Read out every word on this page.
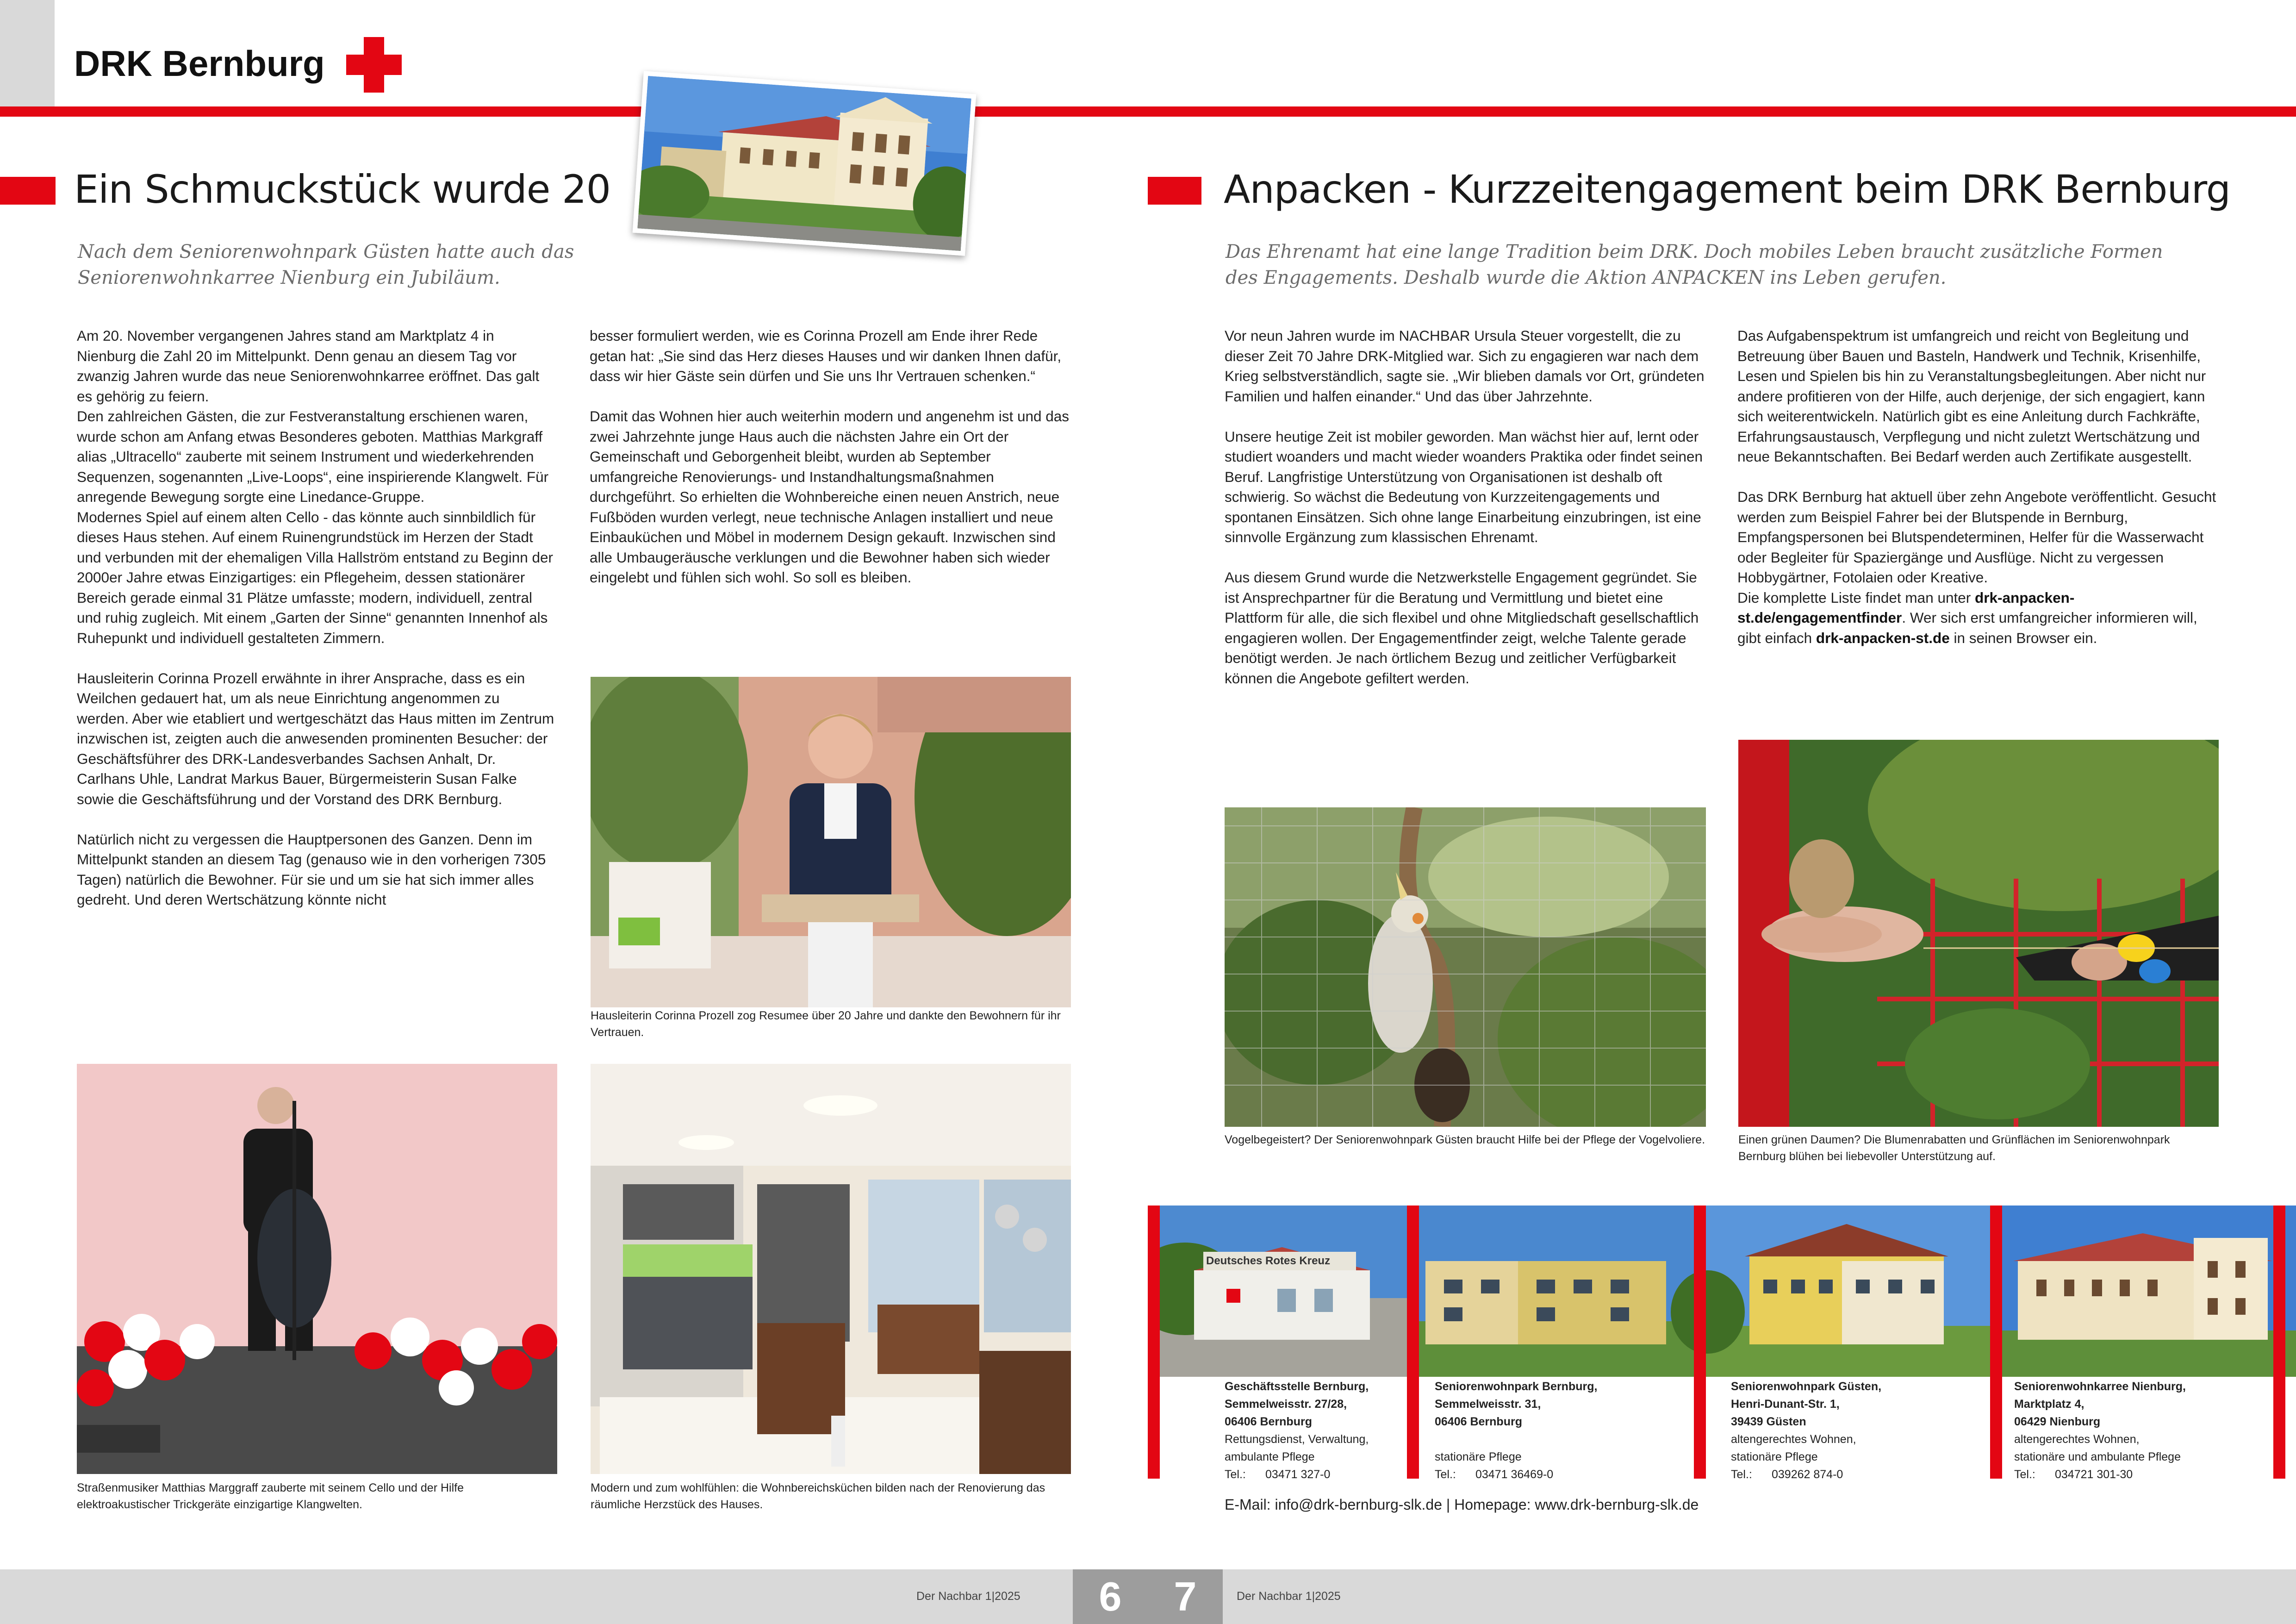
DRK Bernburg
Ein Schmuckstück wurde 20
Nach dem Seniorenwohnpark Güsten hatte auch das Seniorenwohnkarree Nienburg ein Jubiläum.
Am 20. November vergangenen Jahres stand am Marktplatz 4 in Nienburg die Zahl 20 im Mittelpunkt. Denn genau an diesem Tag vor zwanzig Jahren wurde das neue Seniorenwohnkarree eröffnet. Das galt es gehörig zu feiern.
Den zahlreichen Gästen, die zur Festveranstaltung erschienen waren, wurde schon am Anfang etwas Besonderes geboten. Matthias Markgraff alias „Ultracello“ zauberte mit seinem Instrument und wiederkehrenden Sequenzen, sogenannten „Live-Loops“, eine inspirierende Klangwelt. Für anregende Bewegung sorgte eine Linedance-Gruppe.
Modernes Spiel auf einem alten Cello - das könnte auch sinnbildlich für dieses Haus stehen. Auf einem Ruinengrundstück im Herzen der Stadt und verbunden mit der ehemaligen Villa Hallström entstand zu Beginn der 2000er Jahre etwas Einzigartiges: ein Pflegeheim, dessen stationärer Bereich gerade einmal 31 Plätze umfasste; modern, individuell, zentral und ruhig zugleich. Mit einem „Garten der Sinne“ genannten Innenhof als Ruhepunkt und individuell gestalteten Zimmern.
Hausleiterin Corinna Prozell erwähnte in ihrer Ansprache, dass es ein Weilchen gedauert hat, um als neue Einrichtung angenommen zu werden. Aber wie etabliert und wertgeschätzt das Haus mitten im Zentrum inzwischen ist, zeigten auch die anwesenden prominenten Besucher: der Geschäftsführer des DRK-Landesverbandes Sachsen Anhalt, Dr. Carlhans Uhle, Landrat Markus Bauer, Bürgermeisterin Susan Falke sowie die Geschäftsführung und der Vorstand des DRK Bernburg.
Natürlich nicht zu vergessen die Hauptpersonen des Ganzen. Denn im Mittelpunkt standen an diesem Tag (genauso wie in den vorherigen 7305 Tagen) natürlich die Bewohner. Für sie und um sie hat sich immer alles gedreht. Und deren Wertschätzung könnte nicht
besser formuliert werden, wie es Corinna Prozell am Ende ihrer Rede getan hat: „Sie sind das Herz dieses Hauses und wir danken Ihnen dafür, dass wir hier Gäste sein dürfen und Sie uns Ihr Vertrauen schenken.“
Damit das Wohnen hier auch weiterhin modern und angenehm ist und das zwei Jahrzehnte junge Haus auch die nächsten Jahre ein Ort der Gemeinschaft und Geborgenheit bleibt, wurden ab September umfangreiche Renovierungs- und Instandhaltungsmaßnahmen durchgeführt. So erhielten die Wohnbereiche einen neuen Anstrich, neue Fußböden wurden verlegt, neue technische Anlagen installiert und neue Einbauküchen und Möbel in modernem Design gekauft. Inzwischen sind alle Umbaugeräusche verklungen und die Bewohner haben sich wieder eingelebt und fühlen sich wohl. So soll es bleiben.
Hausleiterin Corinna Prozell zog Resumee über 20 Jahre und dankte den Bewohnern für ihr Vertrauen.
Straßenmusiker Matthias Marggraff zauberte mit seinem Cello und der Hilfe elektroakustischer Trickgeräte einzigartige Klangwelten.
Modern und zum wohlfühlen: die Wohnbereichsküchen bilden nach der Renovierung das räumliche Herzstück des Hauses.
Anpacken - Kurzzeitengagement beim DRK Bernburg
Das Ehrenamt hat eine lange Tradition beim DRK. Doch mobiles Leben braucht zusätzliche Formen des Engagements. Deshalb wurde die Aktion ANPACKEN ins Leben gerufen.
Vor neun Jahren wurde im NACHBAR Ursula Steuer vorgestellt, die zu dieser Zeit 70 Jahre DRK-Mitglied war. Sich zu engagieren war nach dem Krieg selbstverständlich, sagte sie. „Wir blieben damals vor Ort, gründeten Familien und halfen einander.“ Und das über Jahrzehnte.
Unsere heutige Zeit ist mobiler geworden. Man wächst hier auf, lernt oder studiert woanders und macht wieder woanders Praktika oder findet seinen Beruf. Langfristige Unterstützung von Organisationen ist deshalb oft schwierig. So wächst die Bedeutung von Kurzzeitengagements und spontanen Einsätzen. Sich ohne lange Einarbeitung einzubringen, ist eine sinnvolle Ergänzung zum klassischen Ehrenamt.
Aus diesem Grund wurde die Netzwerkstelle Engagement gegründet. Sie ist Ansprechpartner für die Beratung und Vermittlung und bietet eine Plattform für alle, die sich flexibel und ohne Mitgliedschaft gesellschaftlich engagieren wollen. Der Engagementfinder zeigt, welche Talente gerade benötigt werden. Je nach örtlichem Bezug und zeitlicher Verfügbarkeit können die Angebote gefiltert werden.
Das Aufgabenspektrum ist umfangreich und reicht von Begleitung und Betreuung über Bauen und Basteln, Handwerk und Technik, Krisenhilfe, Lesen und Spielen bis hin zu Veranstaltungsbegleitungen. Aber nicht nur andere profitieren von der Hilfe, auch derjenige, der sich engagiert, kann sich weiterentwickeln. Natürlich gibt es eine Anleitung durch Fachkräfte, Erfahrungsaustausch, Verpflegung und nicht zuletzt Wertschätzung und neue Bekanntschaften. Bei Bedarf werden auch Zertifikate ausgestellt.
Das DRK Bernburg hat aktuell über zehn Angebote veröffentlicht. Gesucht werden zum Beispiel Fahrer bei der Blutspende in Bernburg, Empfangspersonen bei Blutspendeterminen, Helfer für die Wasserwacht oder Begleiter für Spaziergänge und Ausflüge. Nicht zu vergessen Hobbygärtner, Fotolaien oder Kreative.
Die komplette Liste findet man unter drk-anpacken-st.de/engagementfinder. Wer sich erst umfangreicher informieren will, gibt einfach drk-anpacken-st.de in seinen Browser ein.
Vogelbegeistert? Der Seniorenwohnpark Güsten braucht Hilfe bei der Pflege der Vogelvoliere.	Einen grünen Daumen? Die Blumenrabatten und Grünflächen im Seniorenwohnpark Bernburg blühen bei liebevoller Unterstützung auf.
Deutsches Rotes Kreuz
Geschäftsstelle Bernburg,
Semmelweisstr. 27/28,
06406 Bernburg
Rettungsdienst, Verwaltung,
ambulante Pflege
Tel.:	03471 327-0
Seniorenwohnpark Bernburg,
Semmelweisstr. 31,
06406 Bernburg
stationäre Pflege
Tel.:	03471 36469-0
Seniorenwohnpark Güsten,
Henri-Dunant-Str. 1,
39439 Güsten
altengerechtes Wohnen,
stationäre Pflege
Tel.:	039262 874-0
Seniorenwohnkarree Nienburg,
Marktplatz 4,
06429 Nienburg
altengerechtes Wohnen,
stationäre und ambulante Pflege
Tel.:	034721 301-30
E-Mail: info@drk-bernburg-slk.de | Homepage: www.drk-bernburg-slk.de
Der Nachbar 1|2025	6	7	Der Nachbar 1|2025
